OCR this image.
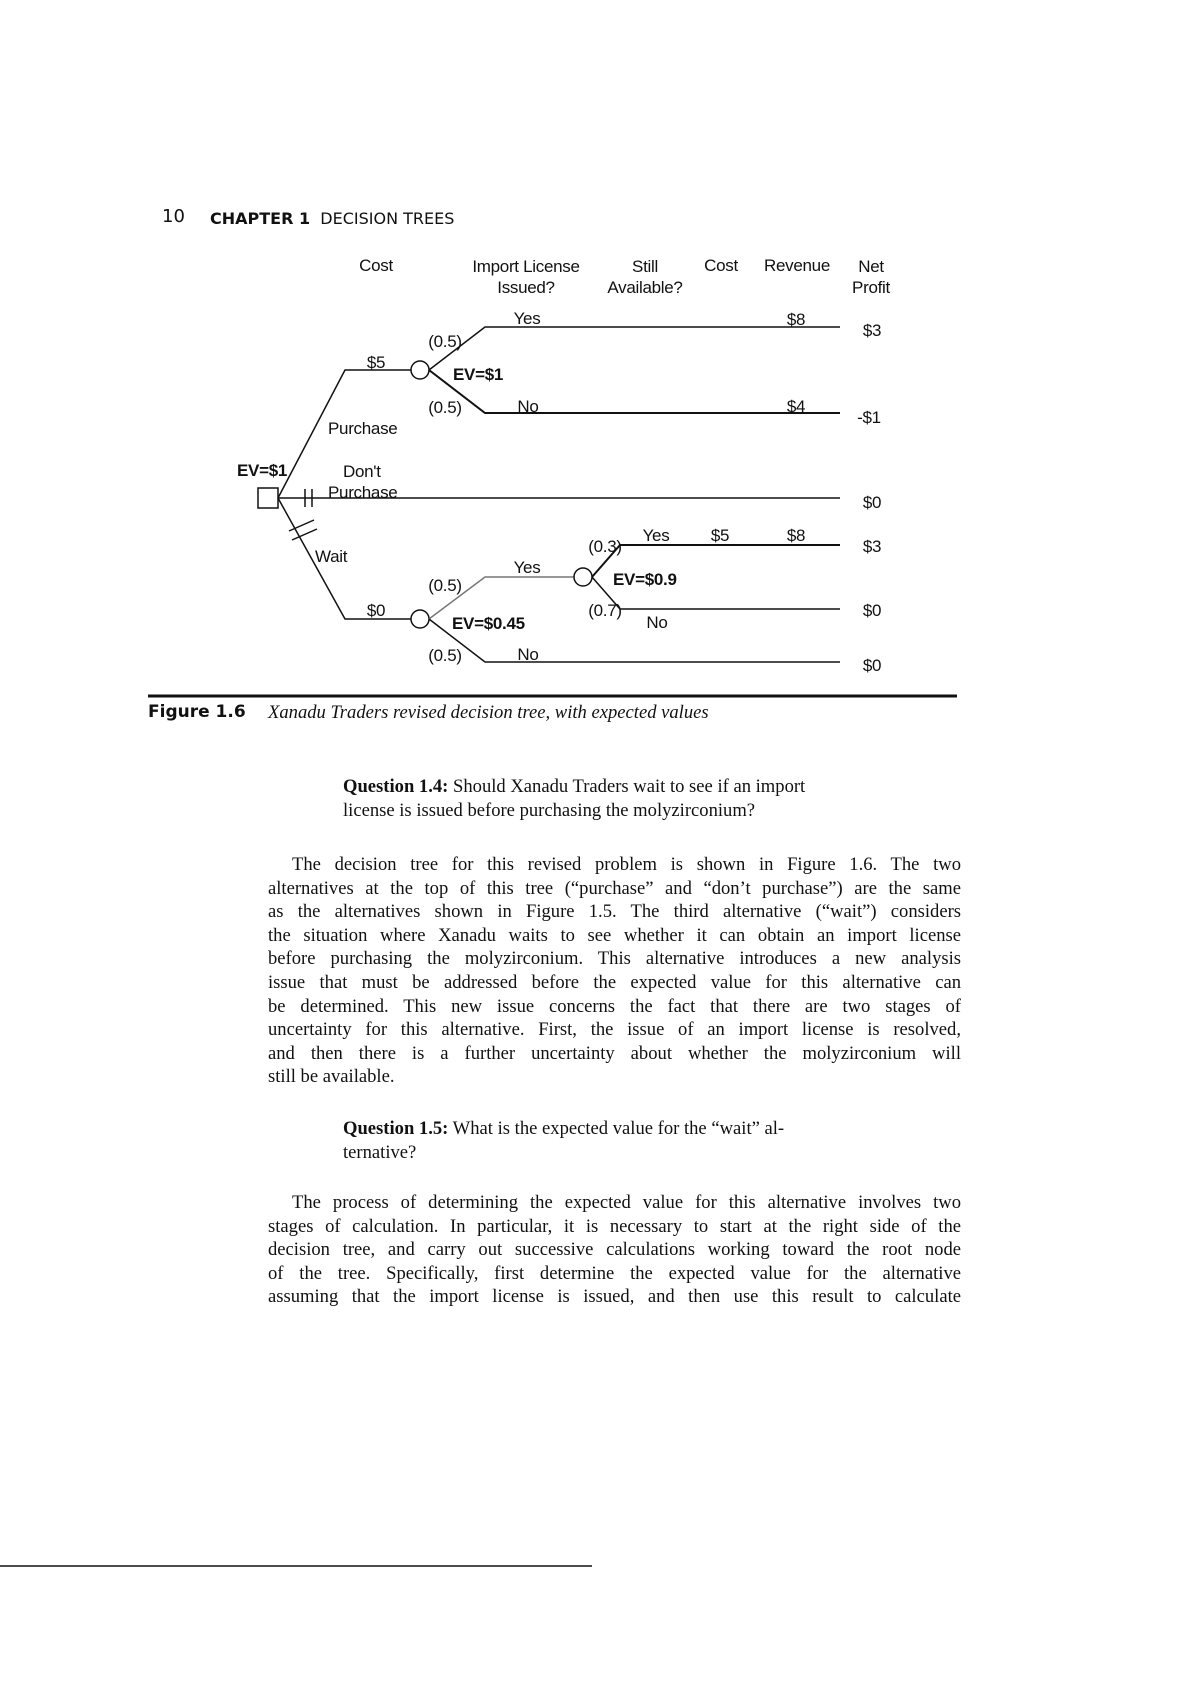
10 CHAPTER 1 DECISION TREES
Cost	Import License
Issued?
Still
Available?
Cost Revenue	Net
Profit
Yes	$8
$3
(0.5)
$5
EV=$1
(0.5)	No	$4
-$1
Purchase
EV=$1	Don't
Purchase
$0
Yes $5	$8
$3
(0.3)
Wait
Yes
EV=$0.9
(0.5)
$0	(0.7)	$0
No
EV=$0.45
(0.5)	No
$0
Figure 1.6 Xanadu Traders revised decision tree, with expected values
Question 1.4: Should Xanadu Traders wait to see if an import
license is issued before purchasing the molyzirconium?
The decision tree for this revised problem is shown in Figure 1.6. The two
alternatives at the top of this tree (“purchase” and “don’t purchase”) are the same
as the alternatives shown in Figure 1.5. The third alternative (“wait”) considers
the situation where Xanadu waits to see whether it can obtain an import license
before purchasing the molyzirconium. This alternative introduces a new analysis
issue that must be addressed before the expected value for this alternative can
be determined. This new issue concerns the fact that there are two stages of
uncertainty for this alternative. First, the issue of an import license is resolved,
and then there is a further uncertainty about whether the molyzirconium will
still be available.
Question 1.5: What is the expected value for the “wait” al-
ternative?
The process of determining the expected value for this alternative involves two
stages of calculation. In particular, it is necessary to start at the right side of the
decision tree, and carry out successive calculations working toward the root node
of the tree. Specifically, first determine the expected value for the alternative
assuming that the import license is issued, and then use this result to calculate
